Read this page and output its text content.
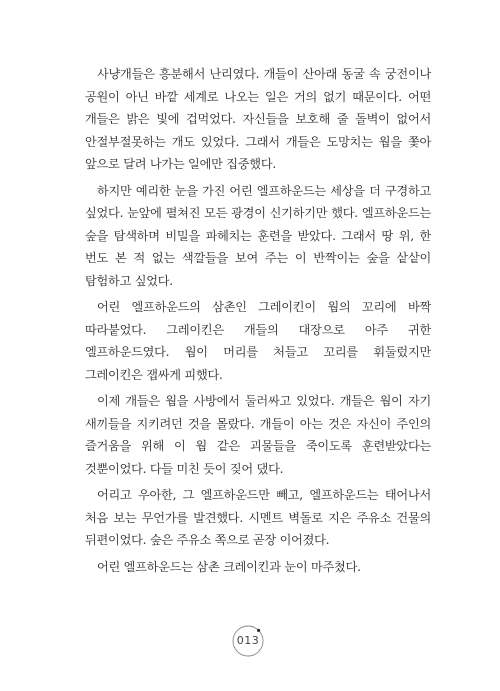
사냥개들은 흥분해서 난리였다. 개들이 산아래 동굴 속 궁전이나 공원이 아닌 바깥 세계로 나오는 일은 거의 없기 때문이다. 어떤 개들은 밝은 빛에 겁먹었다. 자신들을 보호해 줄 돌벽이 없어서 안절부절못하는 개도 있었다. 그래서 개들은 도망치는 웜을 쫓아 앞으로 달려 나가는 일에만 집중했다.

하지만 예리한 눈을 가진 어린 엘프하운드는 세상을 더 구경하고 싶었다. 눈앞에 펼쳐진 모든 광경이 신기하기만 했다. 엘프하운드는 숲을 탐색하며 비밀을 파헤치는 훈련을 받았다. 그래서 땅 위, 한 번도 본 적 없는 색깔들을 보여 주는 이 반짝이는 숲을 샅샅이 탐험하고 싶었다.

어린 엘프하운드의 삼촌인 그레이킨이 웜의 꼬리에 바짝 따라붙었다. 그레이킨은 개들의 대장으로 아주 귀한 엘프하운드였다. 웜이 머리를 처들고 꼬리를 휘둘렀지만 그레이킨은 잽싸게 피했다.

이제 개들은 웜을 사방에서 둘러싸고 있었다. 개들은 웜이 자기 새끼들을 지키려던 것을 몰랐다. 개들이 아는 것은 자신이 주인의 즐거움을 위해 이 웜 같은 괴물들을 죽이도록 훈련받았다는 것뿐이었다. 다들 미친 듯이 짖어 댔다.

어리고 우아한, 그 엘프하운드만 빼고, 엘프하운드는 태어나서 처음 보는 무언가를 발견했다. 시멘트 벽돌로 지은 주유소 건물의 뒤편이었다. 숲은 주유소 쪽으로 곧장 이어졌다.

어린 엘프하운드는 삼촌 크레이킨과 눈이 마주쳤다.

013
